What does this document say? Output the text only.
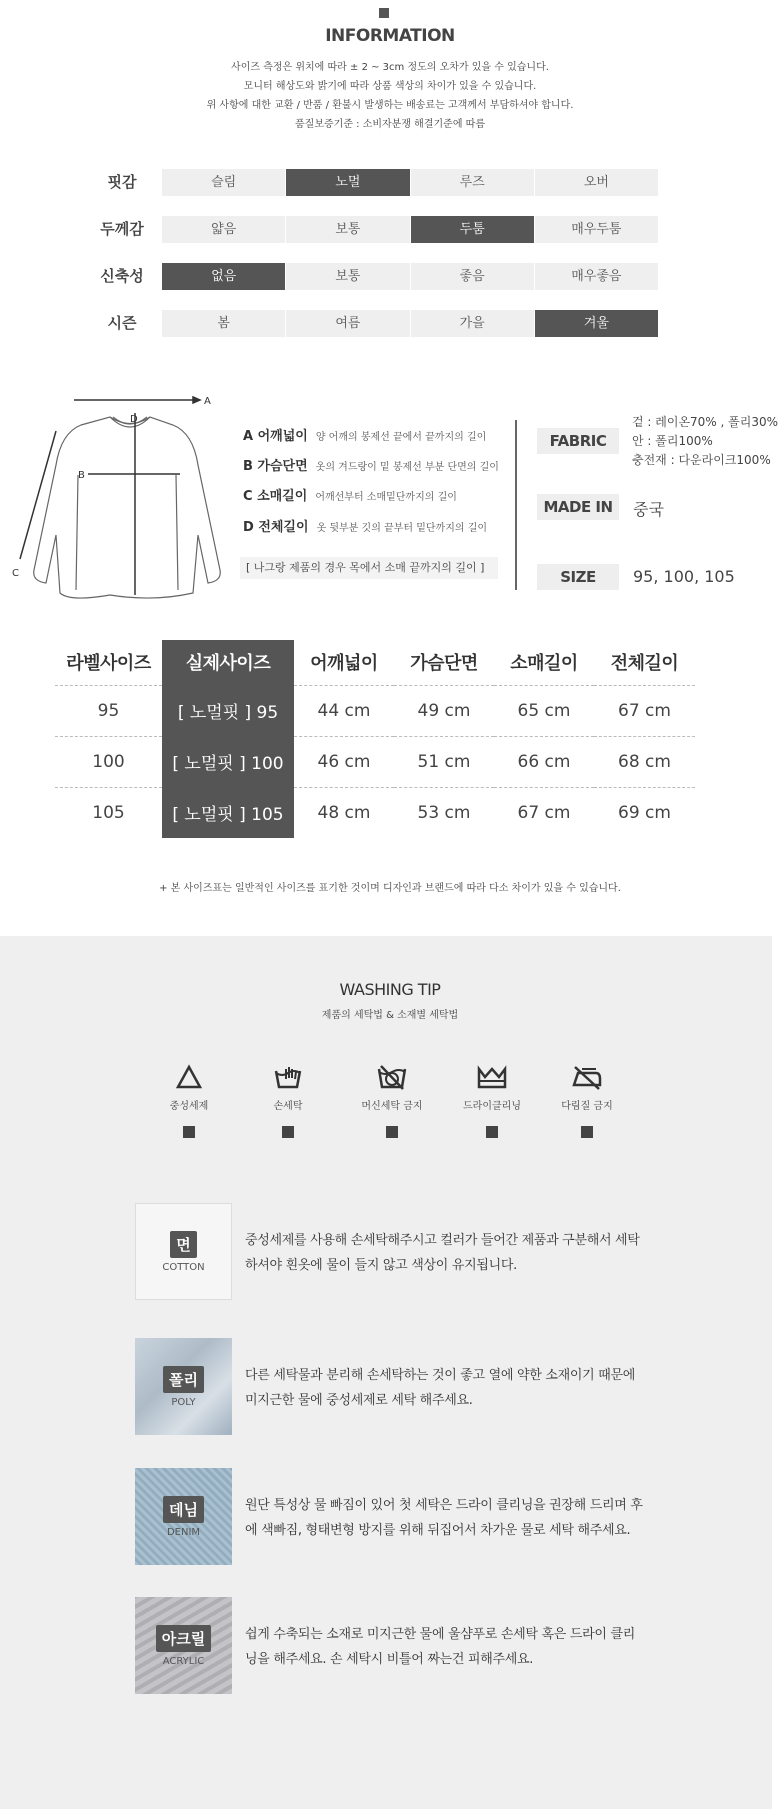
INFORMATION
사이즈 측정은 위치에 따라 ± 2 ~ 3cm 정도의 오차가 있을 수 있습니다.
모니터 해상도와 밝기에 따라 상품 색상의 차이가 있을 수 있습니다.
위 사항에 대한 교환 / 반품 / 환불시 발생하는 배송료는 고객께서 부담하셔야 합니다.
품질보증기준 : 소비자분쟁 해결기준에 따름
핏감	슬림	노멀	루즈	오버
두께감	얇음	보통	두툼	매우두툼
신축성	없음	보통	좋음	매우좋음
시즌	봄	여름	가을	겨울
A
B
C
D
A 어깨넓이 양 어깨의 봉제선 끝에서 끝까지의 길이
B 가슴단면 옷의 겨드랑이 밑 봉제선 부분 단면의 길이
C 소매길이 어깨선부터 소매밑단까지의 길이
D 전체길이 옷 뒷부분 깃의 끝부터 밑단까지의 길이
[ 나그랑 제품의 경우 목에서 소매 끝까지의 길이 ]
FABRIC
겉 : 레이온70% , 폴리30%
안 : 폴리100%
충전재 : 다운라이크100%
MADE IN	중국
SIZE	95, 100, 105
라벨사이즈	실제사이즈	어깨넓이	가슴단면	소매길이	전체길이
95	[ 노멀핏 ] 95	44 cm	49 cm	65 cm	67 cm
100	[ 노멀핏 ] 100	46 cm	51 cm	66 cm	68 cm
105	[ 노멀핏 ] 105	48 cm	53 cm	67 cm	69 cm
+ 본 사이즈표는 일반적인 사이즈를 표기한 것이며 디자인과 브랜드에 따라 다소 차이가 있을 수 있습니다.
WASHING TIP
제품의 세탁법 & 소재별 세탁법
중성세제	손세탁	머신세탁 금지	드라이클리닝	다림질 금지
면
COTTON
중성세제를 사용해 손세탁해주시고 컬러가 들어간 제품과 구분해서 세탁하셔야 흰옷에 물이 들지 않고 색상이 유지됩니다.
폴리
POLY
다른 세탁물과 분리해 손세탁하는 것이 좋고 열에 약한 소재이기 때문에 미지근한 물에 중성세제로 세탁 해주세요.
데님
DENIM
원단 특성상 물 빠짐이 있어 첫 세탁은 드라이 클리닝을 권장해 드리며 후에 색빠짐, 형태변형 방지를 위해 뒤집어서 차가운 물로 세탁 해주세요.
아크릴
ACRYLIC
쉽게 수축되는 소재로 미지근한 물에 울샴푸로 손세탁 혹은 드라이 클리닝을 해주세요. 손 세탁시 비틀어 짜는건 피해주세요.
